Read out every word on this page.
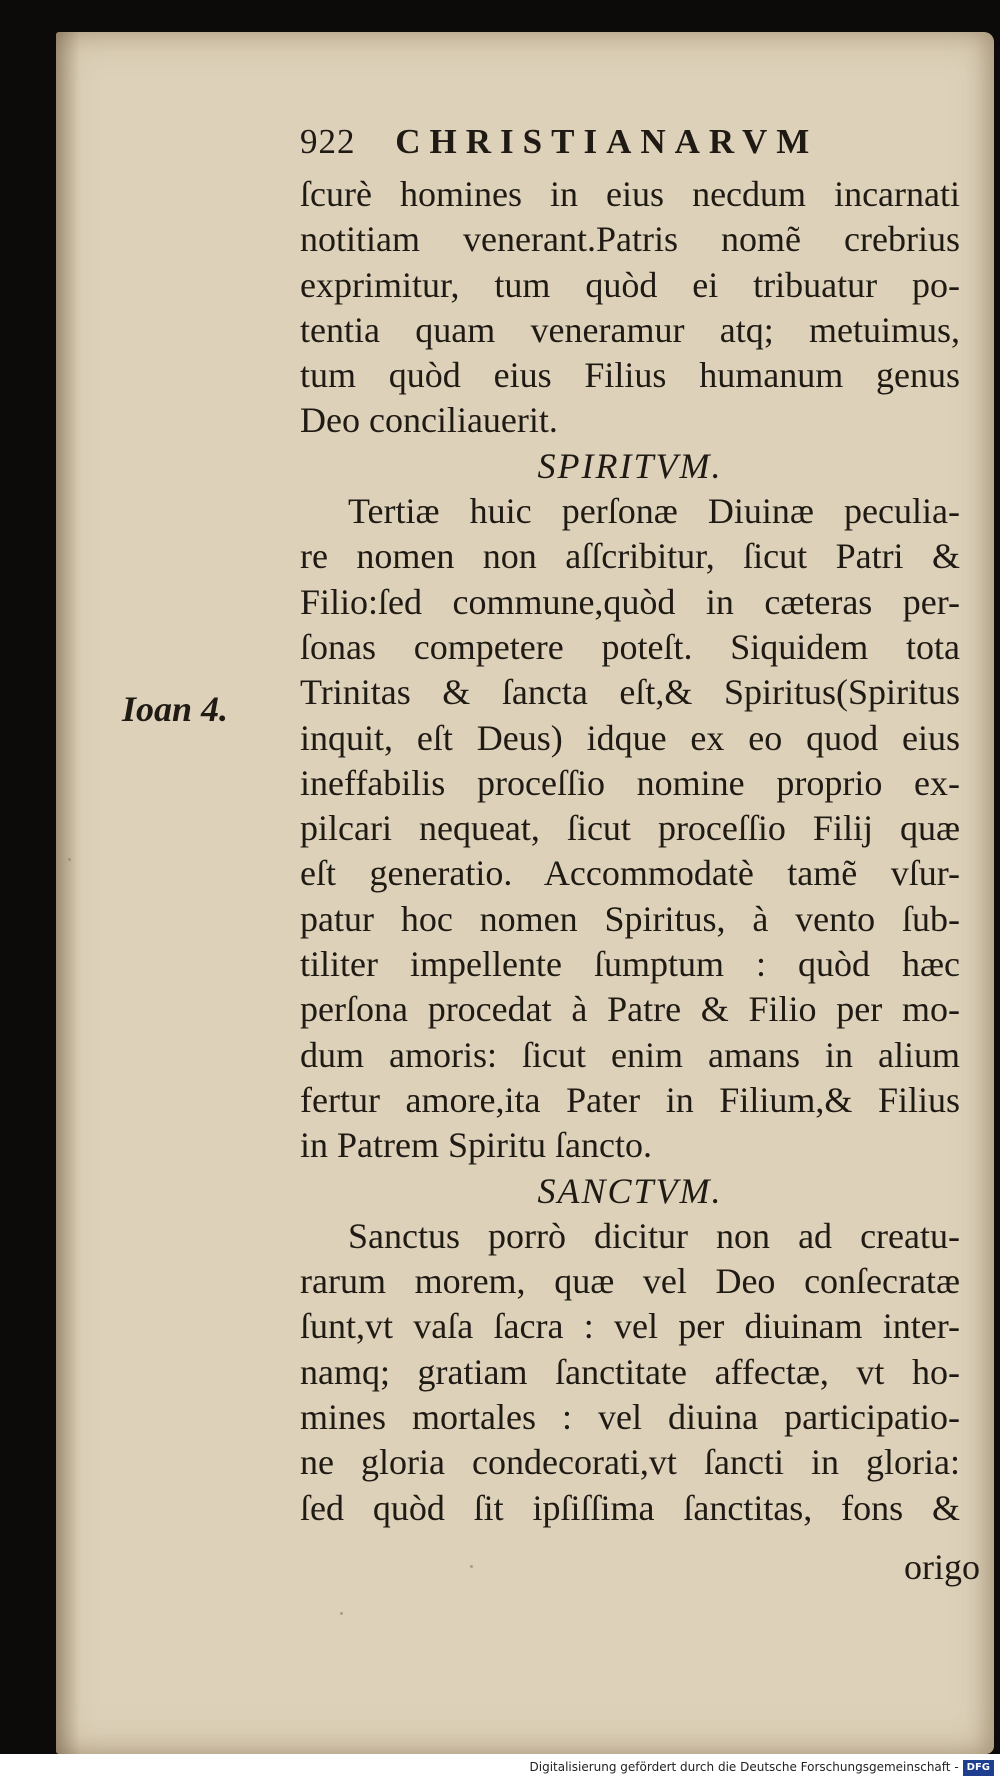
922 CHRISTIANARVM
Ioan 4.
ſcurè homines in eius necdum incarnati
notitiam venerant.Patris nomẽ crebrius
exprimitur, tum quòd ei tribuatur po-
tentia quam veneramur atq; metuimus,
tum quòd eius Filius humanum genus
Deo conciliauerit.
SPIRITVM.
Tertiæ huic perſonæ Diuinæ peculia-
re nomen non aſſcribitur, ſicut Patri &
Filio:ſed commune,quòd in cæteras per-
ſonas competere poteſt. Siquidem tota
Trinitas & ſancta eſt,& Spiritus(Spiritus
inquit, eſt Deus) idque ex eo quod eius
ineffabilis proceſſio nomine proprio ex-
pilcari nequeat, ſicut proceſſio Filij quæ
eſt generatio. Accommodatè tamẽ vſur-
patur hoc nomen Spiritus, à vento ſub-
tiliter impellente ſumptum : quòd hæc
perſona procedat à Patre & Filio per mo-
dum amoris: ſicut enim amans in alium
fertur amore,ita Pater in Filium,& Filius
in Patrem Spiritu ſancto.
SANCTVM.
Sanctus porrò dicitur non ad creatu-
rarum morem, quæ vel Deo conſecratæ
ſunt,vt vaſa ſacra : vel per diuinam inter-
namq; gratiam ſanctitate affectæ, vt ho-
mines mortales : vel diuina participatio-
ne gloria condecorati,vt ſancti in gloria:
ſed quòd ſit ipſiſſima ſanctitas, fons &
origo
Digitalisierung gefördert durch die Deutsche Forschungsgemeinschaft - DFG
